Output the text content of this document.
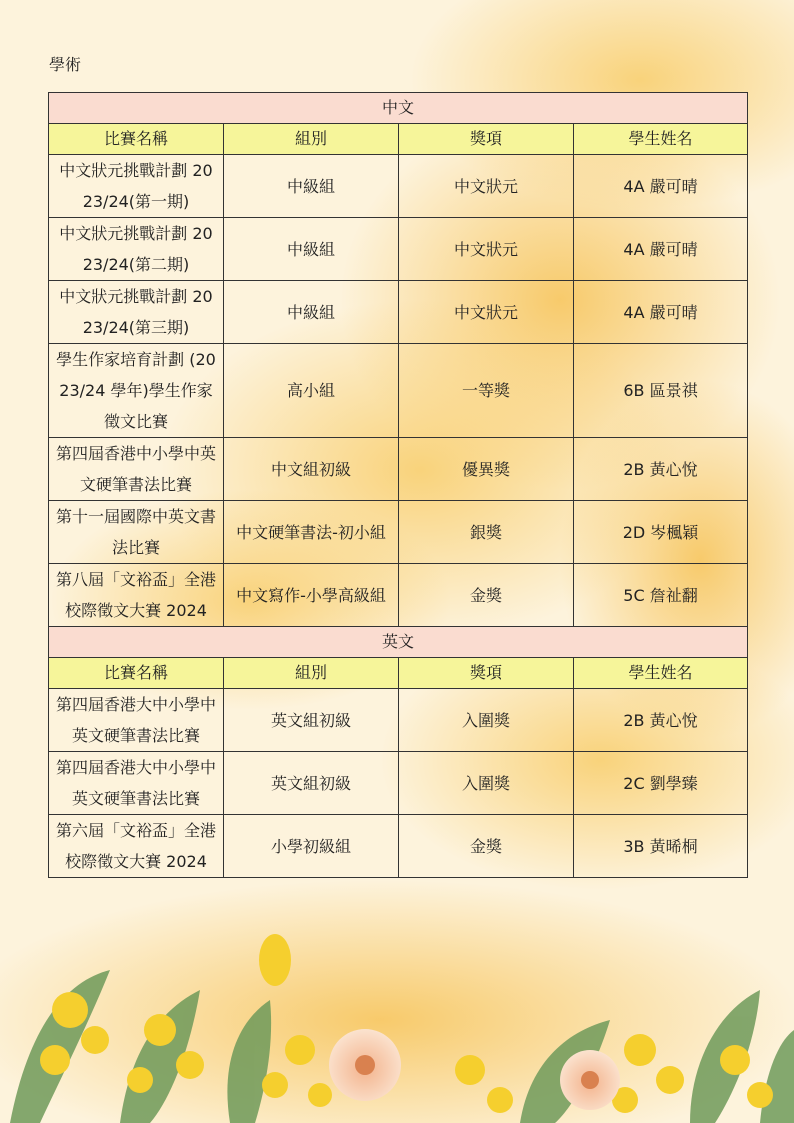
學術
中文			
比賽名稱	組別	獎項	學生姓名
中文狀元挑戰計劃 2023/24(第一期)	中級組	中文狀元	4A 嚴可晴
中文狀元挑戰計劃 2023/24(第二期)	中級組	中文狀元	4A 嚴可晴
中文狀元挑戰計劃 2023/24(第三期)	中級組	中文狀元	4A 嚴可晴
學生作家培育計劃 (2023/24 學年)學生作家徵文比賽	高小組	一等獎	6B 區景祺
第四屆香港中小學中英文硬筆書法比賽	中文組初級	優異獎	2B 黃心悅
第十一屆國際中英文書法比賽	中文硬筆書法-初小組	銀獎	2D 岑楓穎
第八屆「文裕盃」全港校際徵文大賽 2024	中文寫作-小學高級組	金獎	5C 詹祉翻
英文			
比賽名稱	組別	獎項	學生姓名
第四屆香港大中小學中英文硬筆書法比賽	英文組初級	入圍獎	2B 黃心悅
第四屆香港大中小學中英文硬筆書法比賽	英文組初級	入圍獎	2C 劉學臻
第六屆「文裕盃」全港校際徵文大賽 2024	小學初級組	金獎	3B 黃晞桐
